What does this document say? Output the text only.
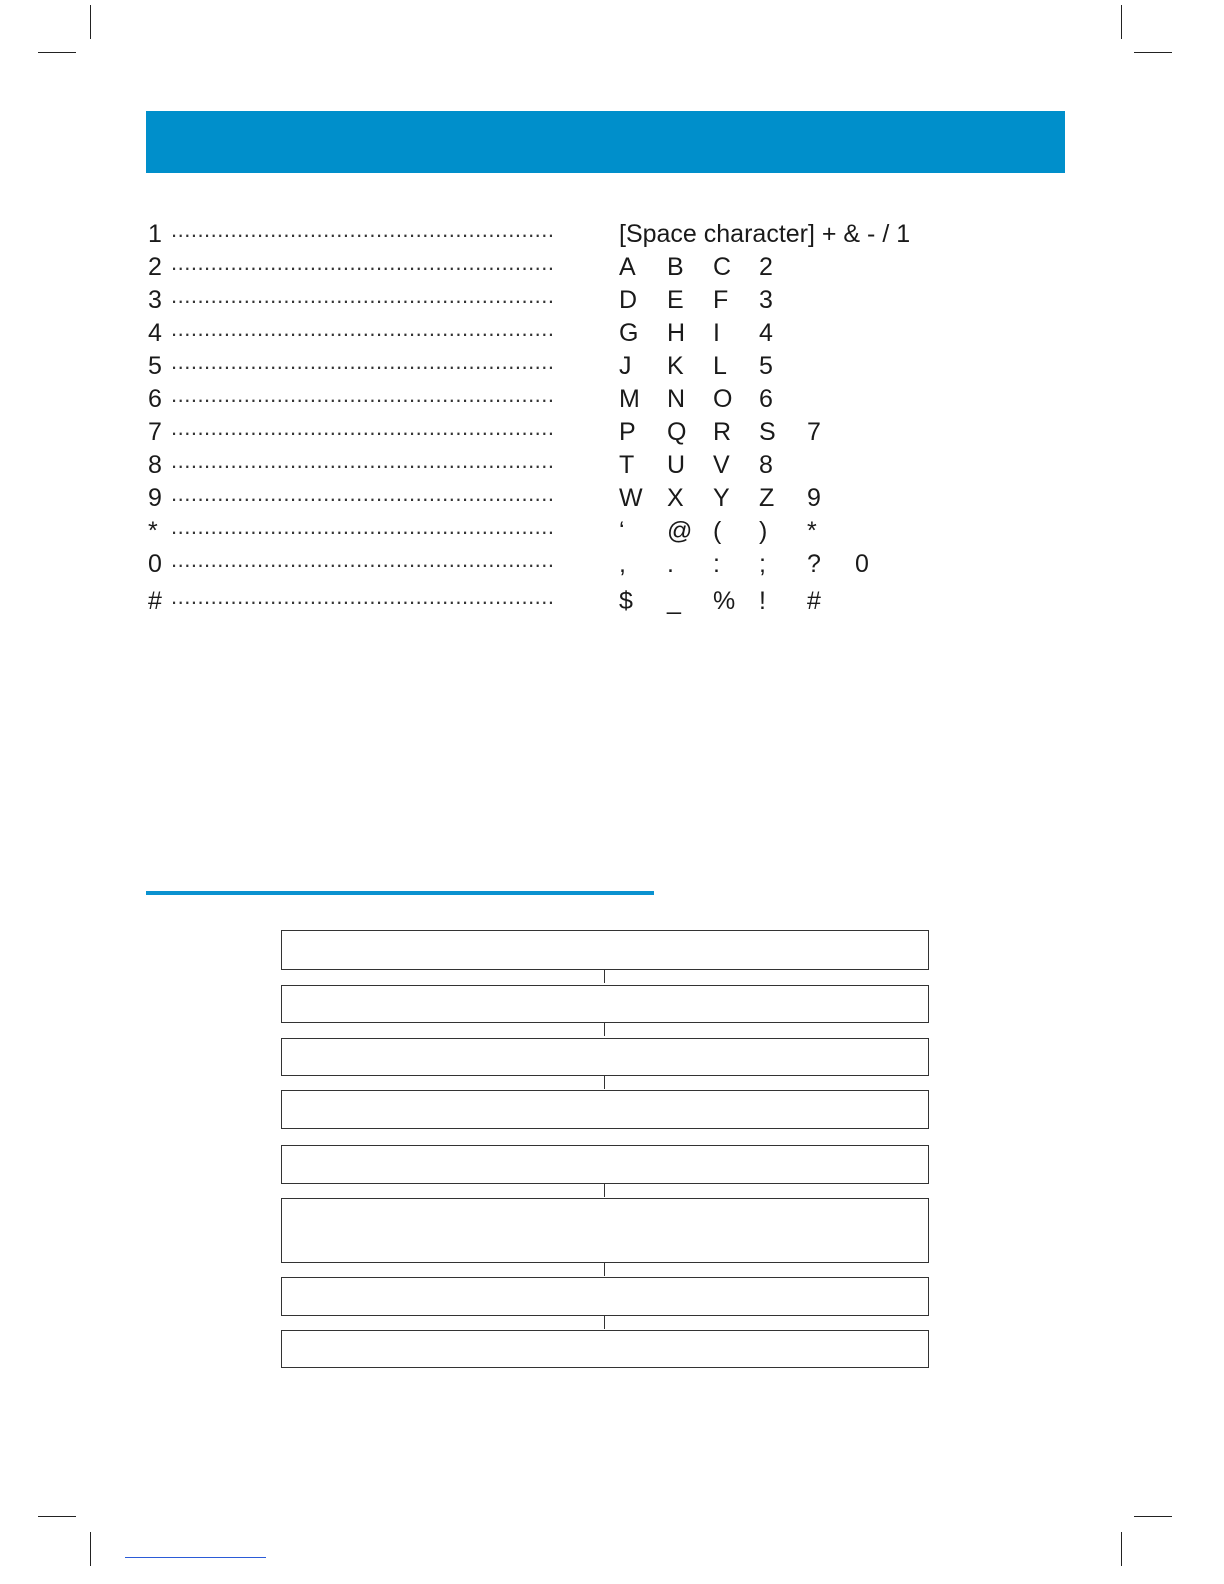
1 ..........................................................	[Space character] + & - / 1
2 ..........................................................	A B C 2
3 ..........................................................	D E F 3
4 ..........................................................	G H I 4
5 ..........................................................	J K L 5
6 ..........................................................	M N O 6
7 ..........................................................	P Q R S 7
8 ..........................................................	T U V 8
9 ..........................................................	W X Y Z 9
* ..........................................................	‘ @ ( ) *
0 ..........................................................	, . : ; ? 0
# ..........................................................	$ _ % ! #
